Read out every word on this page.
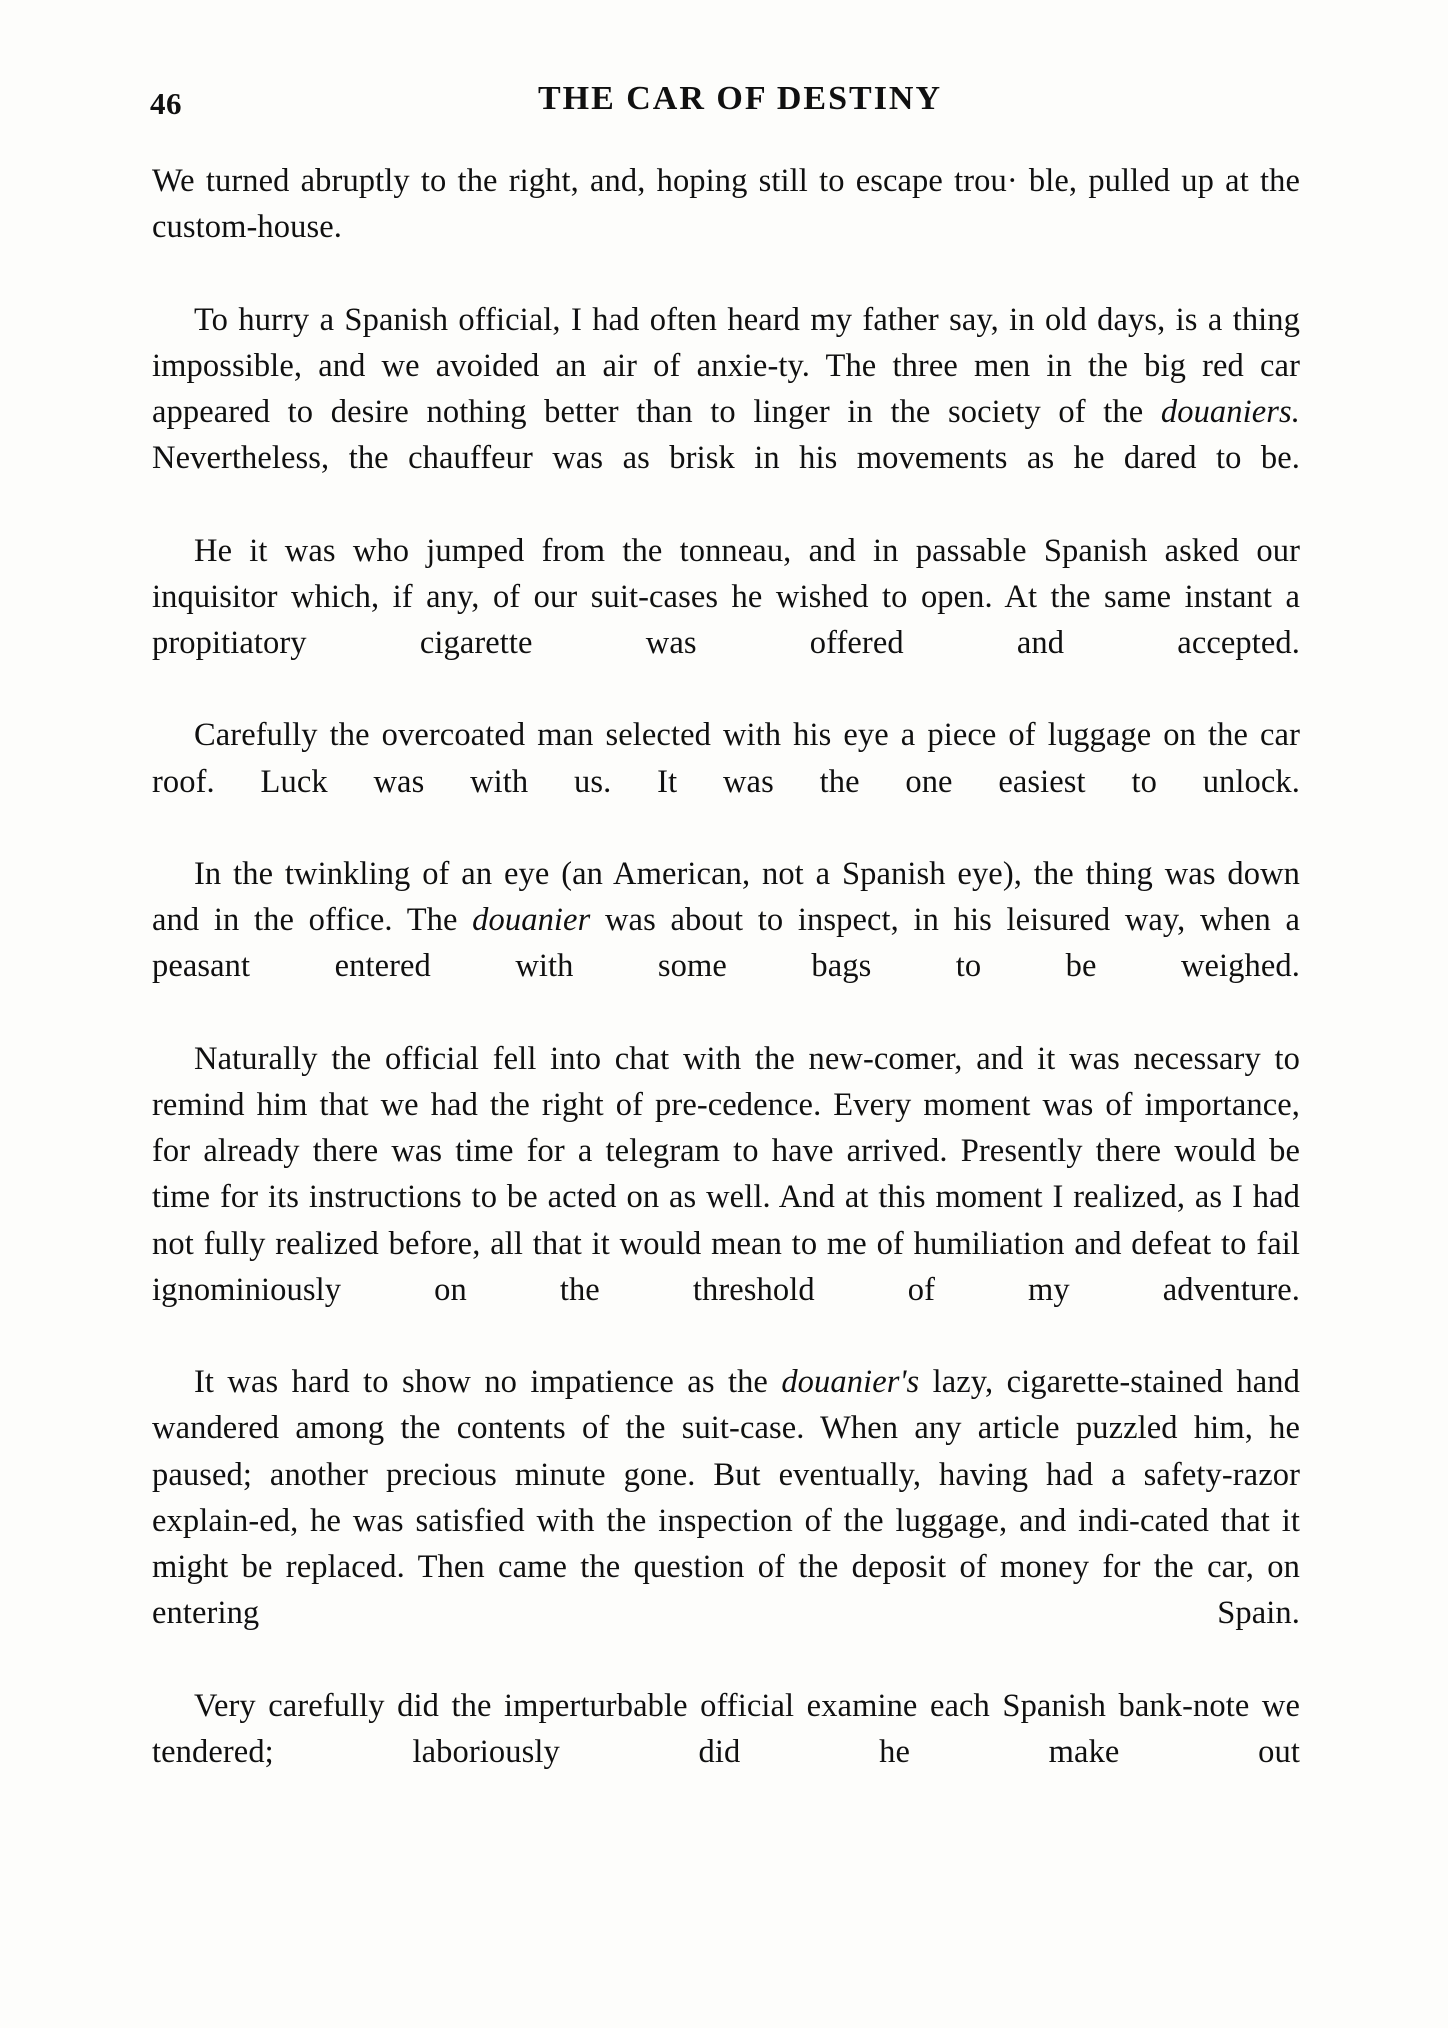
46	THE CAR OF DESTINY

We turned abruptly to the right, and, hoping still to escape trou· ble, pulled up at the custom-house.

To hurry a Spanish official, I had often heard my father say, in old days, is a thing impossible, and we avoided an air of anxie-ty. The three men in the big red car appeared to desire nothing better than to linger in the society of the douaniers. Nevertheless, the chauffeur was as brisk in his movements as he dared to be.

He it was who jumped from the tonneau, and in passable Spanish asked our inquisitor which, if any, of our suit-cases he wished to open. At the same instant a propitiatory cigarette was offered and accepted.

Carefully the overcoated man selected with his eye a piece of luggage on the car roof. Luck was with us. It was the one easiest to unlock.

In the twinkling of an eye (an American, not a Spanish eye), the thing was down and in the office. The douanier was about to inspect, in his leisured way, when a peasant entered with some bags to be weighed.

Naturally the official fell into chat with the new-comer, and it was necessary to remind him that we had the right of pre-cedence. Every moment was of importance, for already there was time for a telegram to have arrived. Presently there would be time for its instructions to be acted on as well. And at this moment I realized, as I had not fully realized before, all that it would mean to me of humiliation and defeat to fail ignominiously on the threshold of my adventure.

It was hard to show no impatience as the douanier's lazy, cigarette-stained hand wandered among the contents of the suit-case. When any article puzzled him, he paused; another precious minute gone. But eventually, having had a safety-razor explain-ed, he was satisfied with the inspection of the luggage, and indi-cated that it might be replaced. Then came the question of the deposit of money for the car, on entering Spain.

Very carefully did the imperturbable official examine each Spanish bank-note we tendered; laboriously did he make out
